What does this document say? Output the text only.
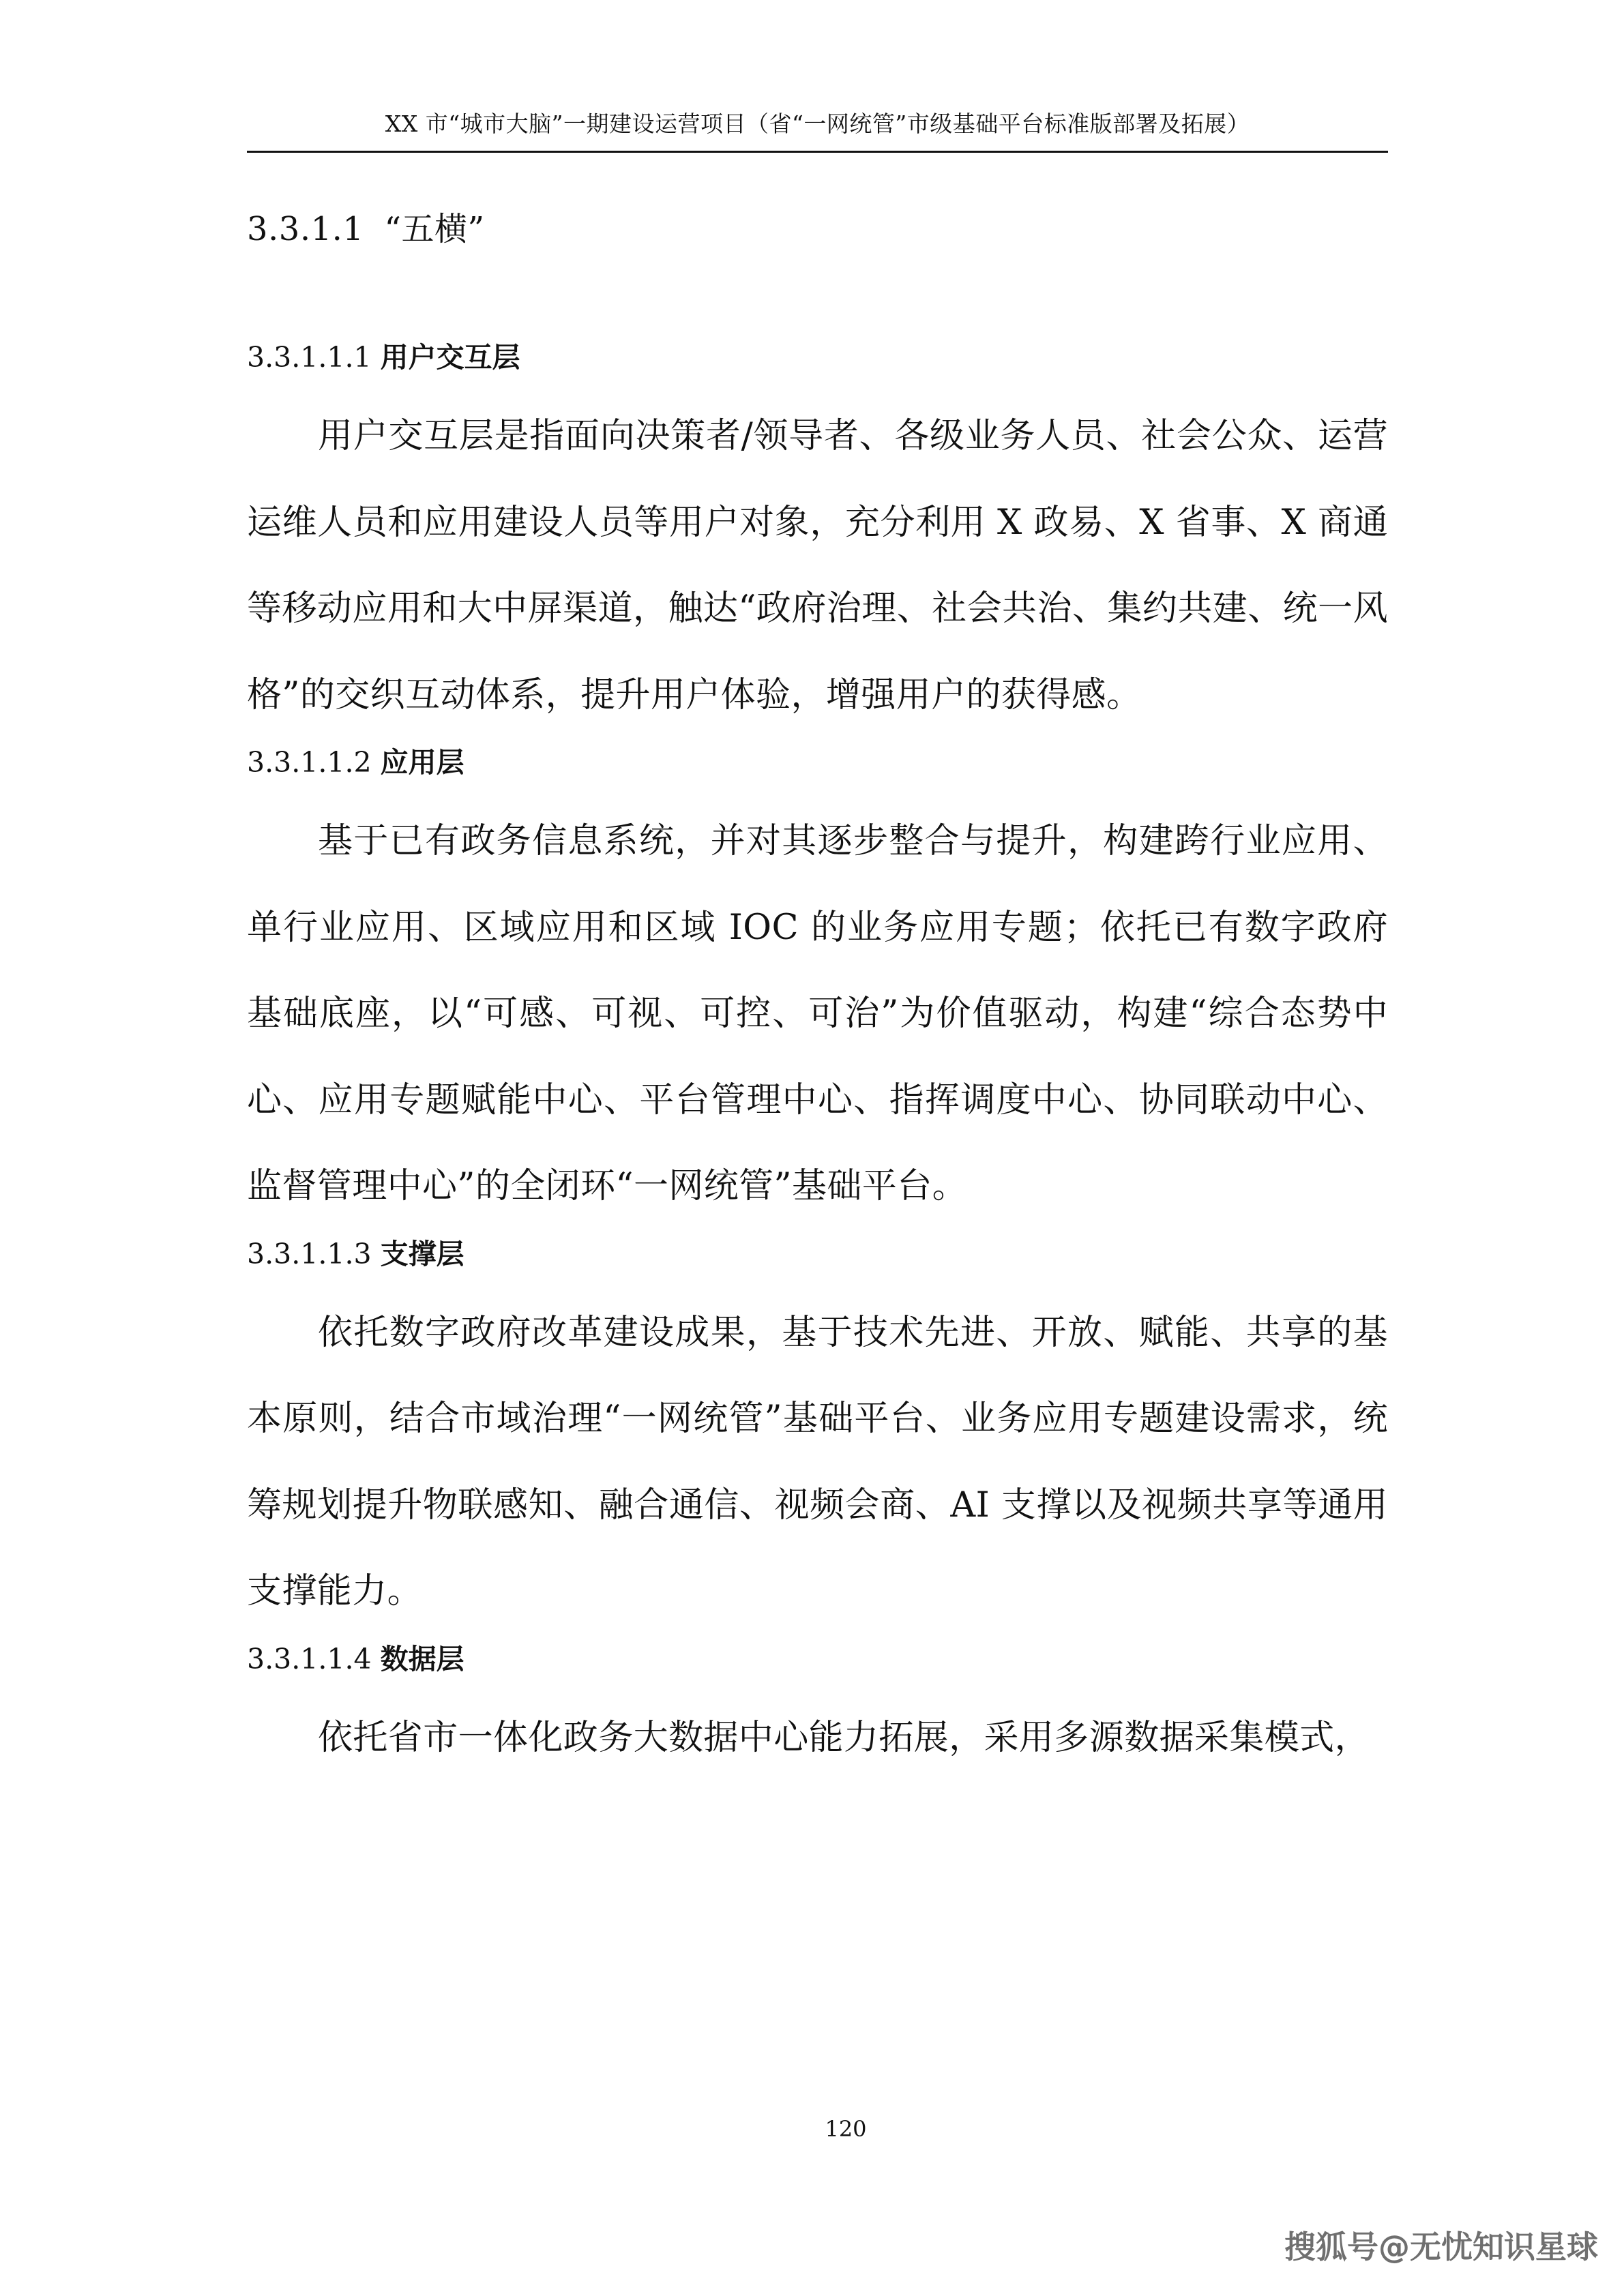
XX 市“城市大脑”一期建设运营项目（省“一网统管”市级基础平台标准版部署及拓展）
3.3.1.1 “五横”
3.3.1.1.1 用户交互层

用户交互层是指面向决策者/领导者、各级业务人员、社会公众、运营运维人员和应用建设人员等用户对象，充分利用 X 政易、X 省事、X 商通等移动应用和大中屏渠道，触达“政府治理、社会共治、集约共建、统一风格”的交织互动体系，提升用户体验，增强用户的获得感。

3.3.1.1.2 应用层

基于已有政务信息系统，并对其逐步整合与提升，构建跨行业应用、单行业应用、区域应用和区域 IOC 的业务应用专题；依托已有数字政府基础底座，以“可感、可视、可控、可治”为价值驱动，构建“综合态势中心、应用专题赋能中心、平台管理中心、指挥调度中心、协同联动中心、监督管理中心”的全闭环“一网统管”基础平台。

3.3.1.1.3 支撑层

依托数字政府改革建设成果，基于技术先进、开放、赋能、共享的基本原则，结合市域治理“一网统管”基础平台、业务应用专题建设需求，统筹规划提升物联感知、融合通信、视频会商、AI 支撑以及视频共享等通用支撑能力。

3.3.1.1.4 数据层

依托省市一体化政务大数据中心能力拓展，采用多源数据采集模式，

120
搜狐号@无忧知识星球
